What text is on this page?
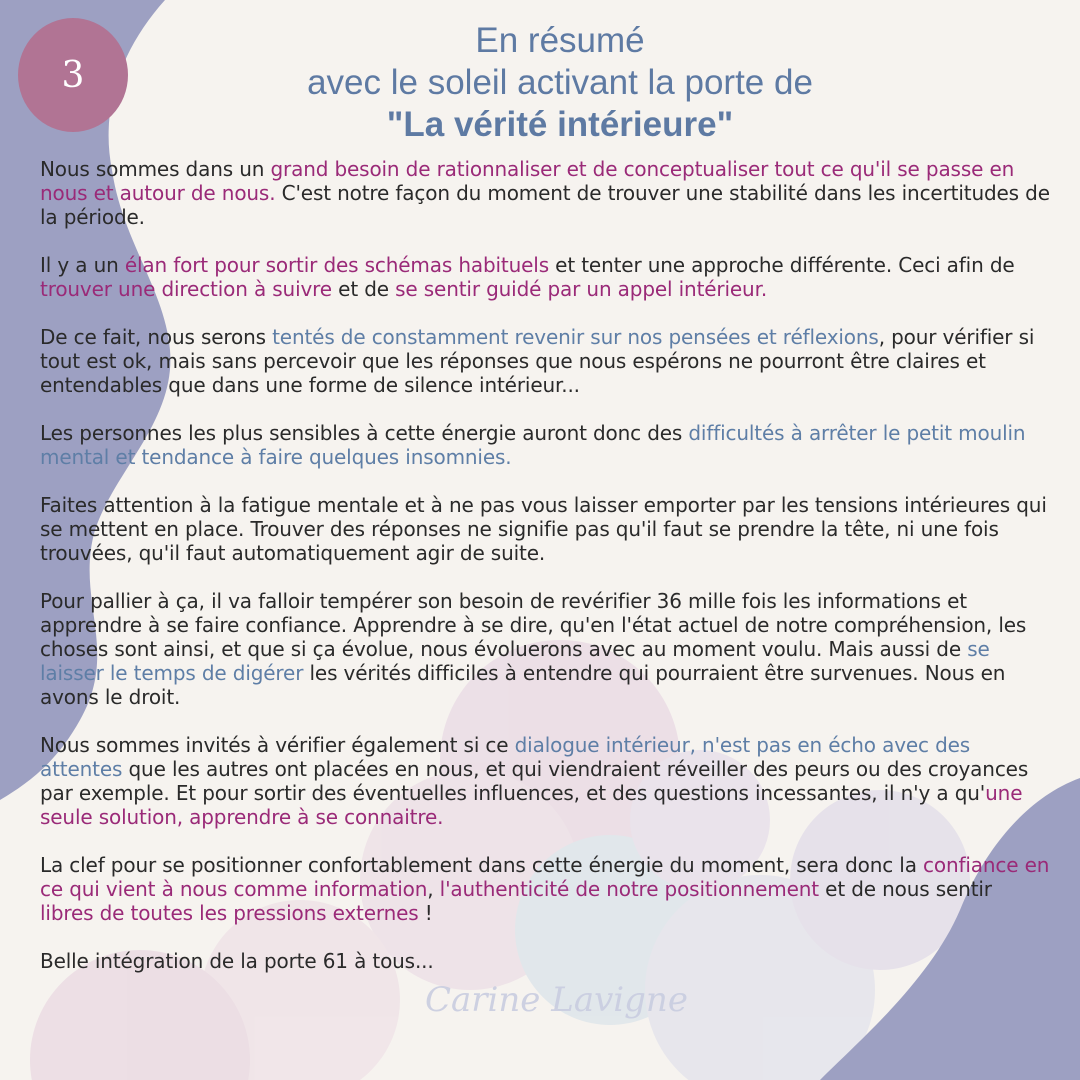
3
En résumé
avec le soleil activant la porte de
"La vérité intérieure"

Nous sommes dans un grand besoin de rationnaliser et de conceptualiser tout ce qu'il se passe en nous et autour de nous. C'est notre façon du moment de trouver une stabilité dans les incertitudes de la période.

Il y a un élan fort pour sortir des schémas habituels et tenter une approche différente. Ceci afin de trouver une direction à suivre et de se sentir guidé par un appel intérieur.

De ce fait, nous serons tentés de constamment revenir sur nos pensées et réflexions, pour vérifier si tout est ok, mais sans percevoir que les réponses que nous espérons ne pourront être claires et entendables que dans une forme de silence intérieur...

Les personnes les plus sensibles à cette énergie auront donc des difficultés à arrêter le petit moulin mental et tendance à faire quelques insomnies.

Faites attention à la fatigue mentale et à ne pas vous laisser emporter par les tensions intérieures qui se mettent en place. Trouver des réponses ne signifie pas qu'il faut se prendre la tête, ni une fois trouvées, qu'il faut automatiquement agir de suite.

Pour pallier à ça, il va falloir tempérer son besoin de revérifier 36 mille fois les informations et apprendre à se faire confiance. Apprendre à se dire, qu'en l'état actuel de notre compréhension, les choses sont ainsi, et que si ça évolue, nous évoluerons avec au moment voulu. Mais aussi de se laisser le temps de digérer les vérités difficiles à entendre qui pourraient être survenues. Nous en avons le droit.

Nous sommes invités à vérifier également si ce dialogue intérieur, n'est pas en écho avec des attentes que les autres ont placées en nous, et qui viendraient réveiller des peurs ou des croyances par exemple. Et pour sortir des éventuelles influences, et des questions incessantes, il n'y a qu'une seule solution, apprendre à se connaitre.

La clef pour se positionner confortablement dans cette énergie du moment, sera donc la confiance en ce qui vient à nous comme information, l'authenticité de notre positionnement et de nous sentir libres de toutes les pressions externes !

Belle intégration de la porte 61 à tous...

Carine Lavigne
